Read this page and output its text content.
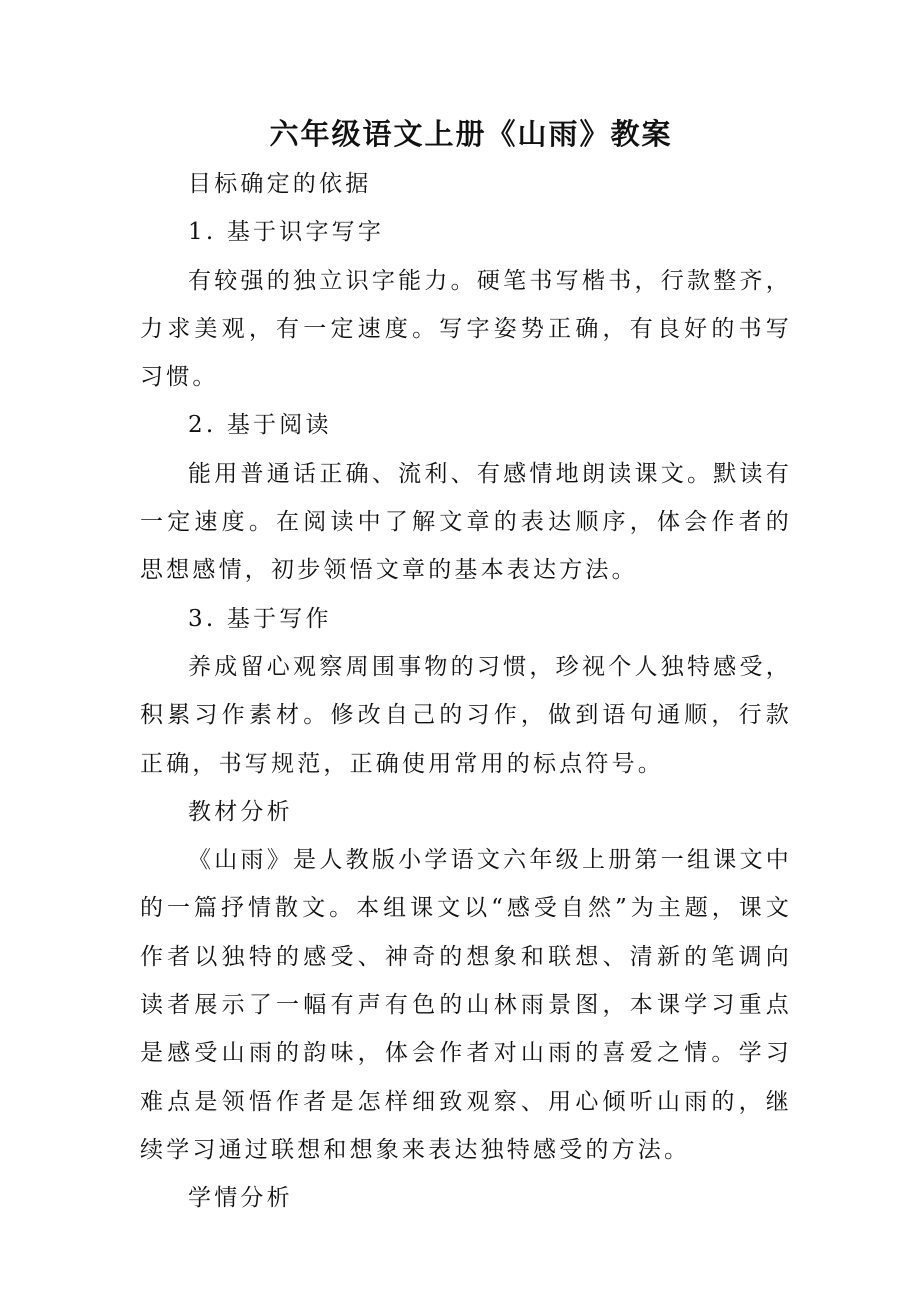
六年级语文上册《山雨》教案

目标确定的依据

1. 基于识字写字

有较强的独立识字能力。硬笔书写楷书，行款整齐，力求美观，有一定速度。写字姿势正确，有良好的书写习惯。

2. 基于阅读

能用普通话正确、流利、有感情地朗读课文。默读有一定速度。在阅读中了解文章的表达顺序，体会作者的思想感情，初步领悟文章的基本表达方法。

3. 基于写作

养成留心观察周围事物的习惯，珍视个人独特感受，积累习作素材。修改自己的习作，做到语句通顺，行款正确，书写规范，正确使用常用的标点符号。

教材分析

《山雨》是人教版小学语文六年级上册第一组课文中的一篇抒情散文。本组课文以“感受自然”为主题，课文作者以独特的感受、神奇的想象和联想、清新的笔调向读者展示了一幅有声有色的山林雨景图，本课学习重点是感受山雨的韵味，体会作者对山雨的喜爱之情。学习难点是领悟作者是怎样细致观察、用心倾听山雨的，继续学习通过联想和想象来表达独特感受的方法。

学情分析
